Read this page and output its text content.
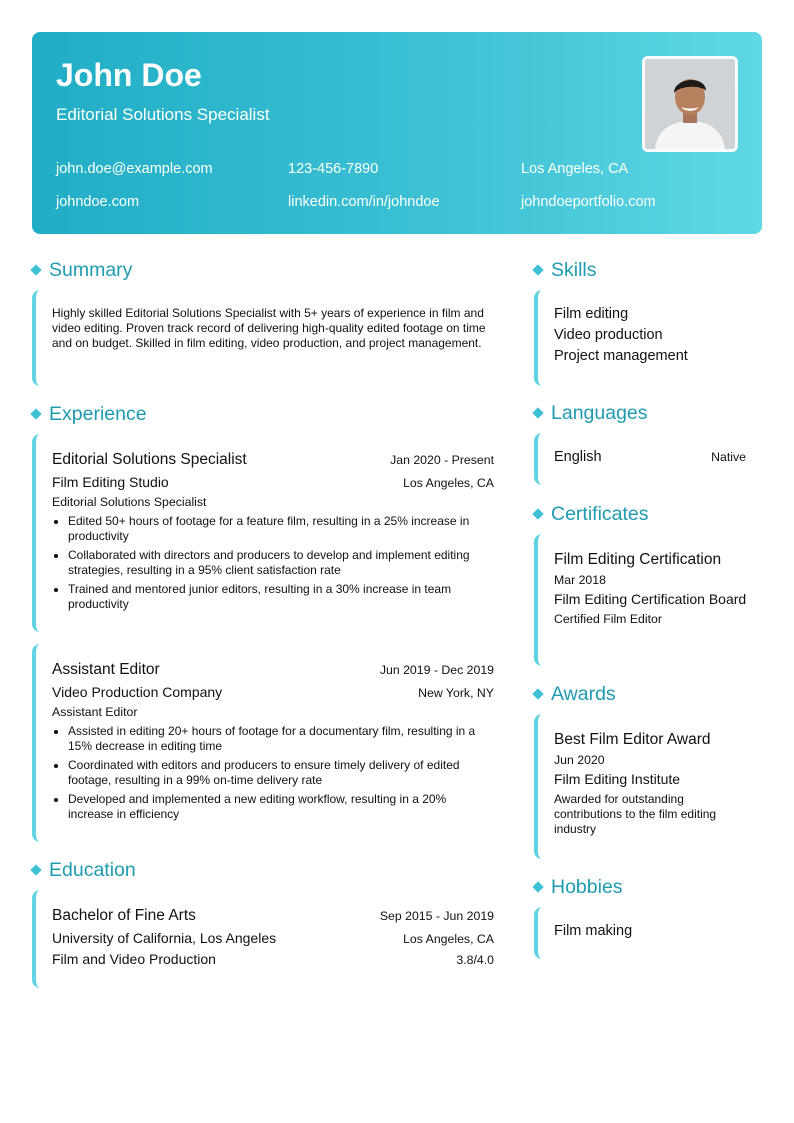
John Doe
Editorial Solutions Specialist
john.doe@example.com	123-456-7890	Los Angeles, CA
johndoe.com	linkedin.com/in/johndoe	johndoeportfolio.com
Summary
Highly skilled Editorial Solutions Specialist with 5+ years of experience in film and video editing. Proven track record of delivering high-quality edited footage on time and on budget. Skilled in film editing, video production, and project management.
Experience
Editorial Solutions Specialist	Jan 2020 - Present
Film Editing Studio	Los Angeles, CA
Editorial Solutions Specialist
• Edited 50+ hours of footage for a feature film, resulting in a 25% increase in productivity
• Collaborated with directors and producers to develop and implement editing strategies, resulting in a 95% client satisfaction rate
• Trained and mentored junior editors, resulting in a 30% increase in team productivity
Assistant Editor	Jun 2019 - Dec 2019
Video Production Company	New York, NY
Assistant Editor
• Assisted in editing 20+ hours of footage for a documentary film, resulting in a 15% decrease in editing time
• Coordinated with editors and producers to ensure timely delivery of edited footage, resulting in a 99% on-time delivery rate
• Developed and implemented a new editing workflow, resulting in a 20% increase in efficiency
Education
Bachelor of Fine Arts	Sep 2015 - Jun 2019
University of California, Los Angeles	Los Angeles, CA
Film and Video Production	3.8/4.0
Skills
Film editing
Video production
Project management
Languages
English	Native
Certificates
Film Editing Certification
Mar 2018
Film Editing Certification Board
Certified Film Editor
Awards
Best Film Editor Award
Jun 2020
Film Editing Institute
Awarded for outstanding contributions to the film editing industry
Hobbies
Film making
